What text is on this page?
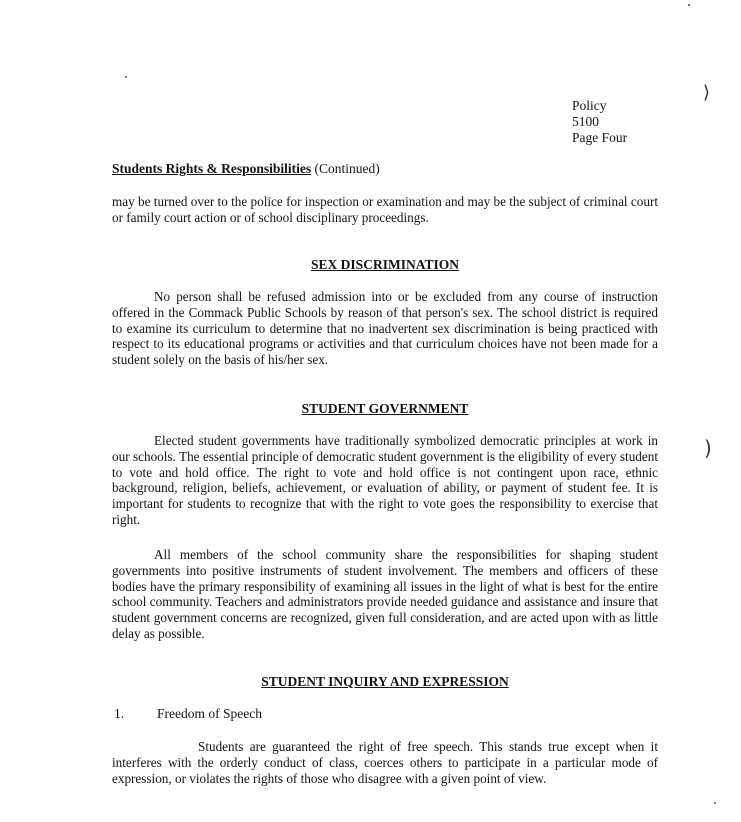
Policy
5100
Page Four
Students Rights & Responsibilities (Continued)
may be turned over to the police for inspection or examination and may be the subject of criminal court or family court action or of school disciplinary proceedings.
SEX DISCRIMINATION
No person shall be refused admission into or be excluded from any course of instruction offered in the Commack Public Schools by reason of that person's sex. The school district is required to examine its curriculum to determine that no inadvertent sex discrimination is being practiced with respect to its educational programs or activities and that curriculum choices have not been made for a student solely on the basis of his/her sex.
STUDENT GOVERNMENT
Elected student governments have traditionally symbolized democratic principles at work in our schools. The essential principle of democratic student government is the eligibility of every student to vote and hold office. The right to vote and hold office is not contingent upon race, ethnic background, religion, beliefs, achievement, or evaluation of ability, or payment of student fee. It is important for students to recognize that with the right to vote goes the responsibility to exercise that right.
All members of the school community share the responsibilities for shaping student governments into positive instruments of student involvement. The members and officers of these bodies have the primary responsibility of examining all issues in the light of what is best for the entire school community. Teachers and administrators provide needed guidance and assistance and insure that student government concerns are recognized, given full consideration, and are acted upon with as little delay as possible.
STUDENT INQUIRY AND EXPRESSION
1. Freedom of Speech
Students are guaranteed the right of free speech. This stands true except when it interferes with the orderly conduct of class, coerces others to participate in a particular mode of expression, or violates the rights of those who disagree with a given point of view.
⟩
)
